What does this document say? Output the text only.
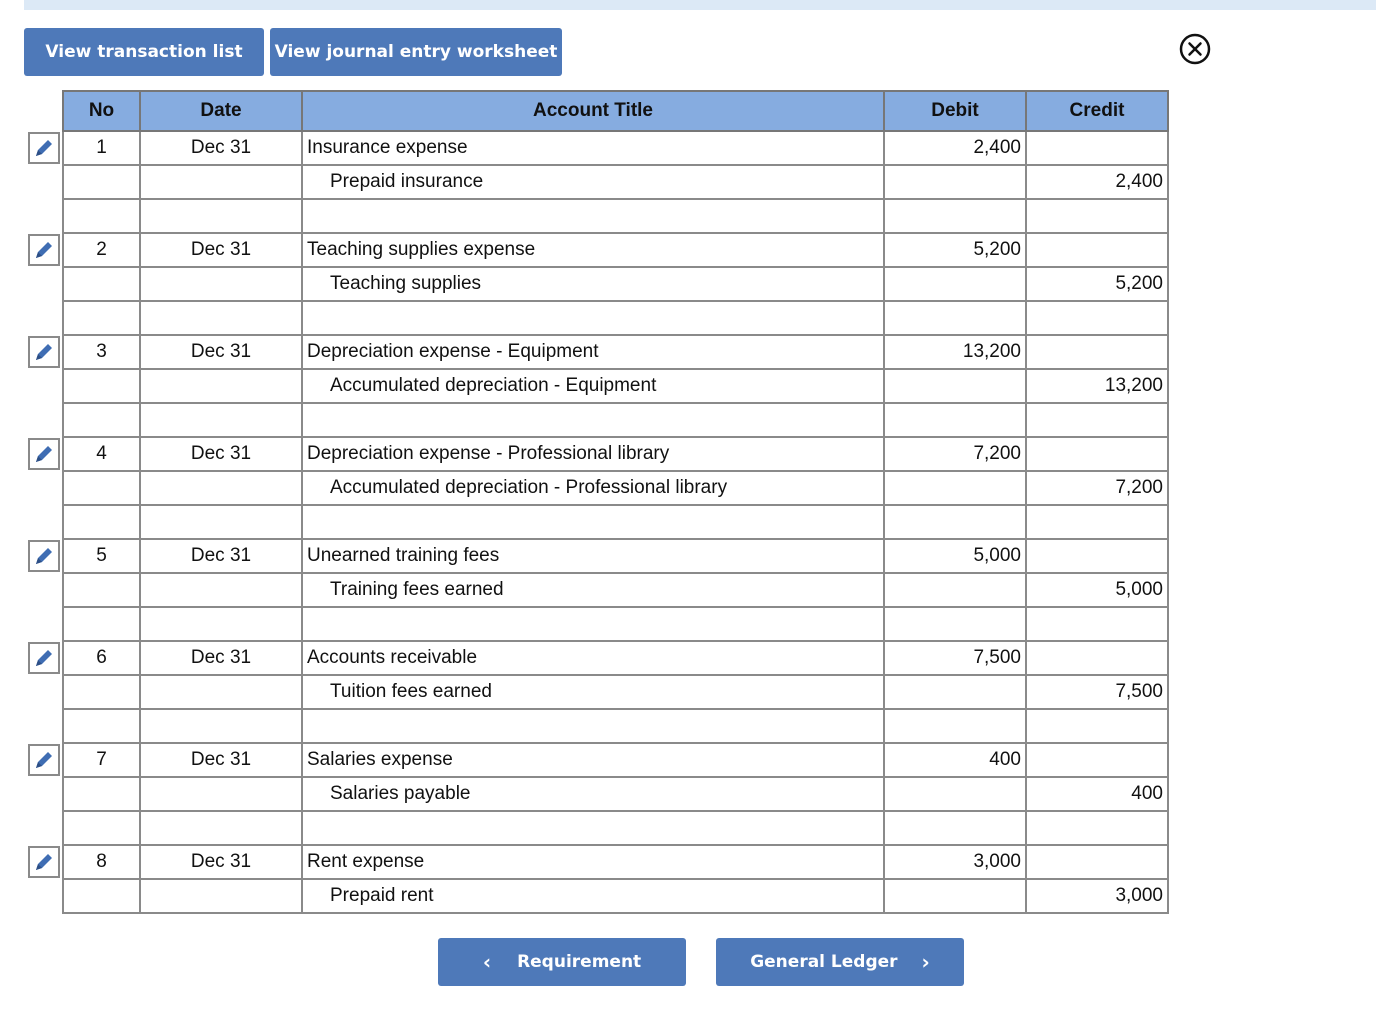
View transaction list	View journal entry worksheet
No	Date	Account Title	Debit	Credit
1	Dec 31	Insurance expense	2,400	
		Prepaid insurance		2,400

2	Dec 31	Teaching supplies expense	5,200	
		Teaching supplies		5,200

3	Dec 31	Depreciation expense - Equipment	13,200	
		Accumulated depreciation - Equipment		13,200

4	Dec 31	Depreciation expense - Professional library	7,200	
		Accumulated depreciation - Professional library		7,200

5	Dec 31	Unearned training fees	5,000	
		Training fees earned		5,000

6	Dec 31	Accounts receivable	7,500	
		Tuition fees earned		7,500

7	Dec 31	Salaries expense	400	
		Salaries payable		400

8	Dec 31	Rent expense	3,000	
		Prepaid rent		3,000
‹ Requirement	General Ledger ›
